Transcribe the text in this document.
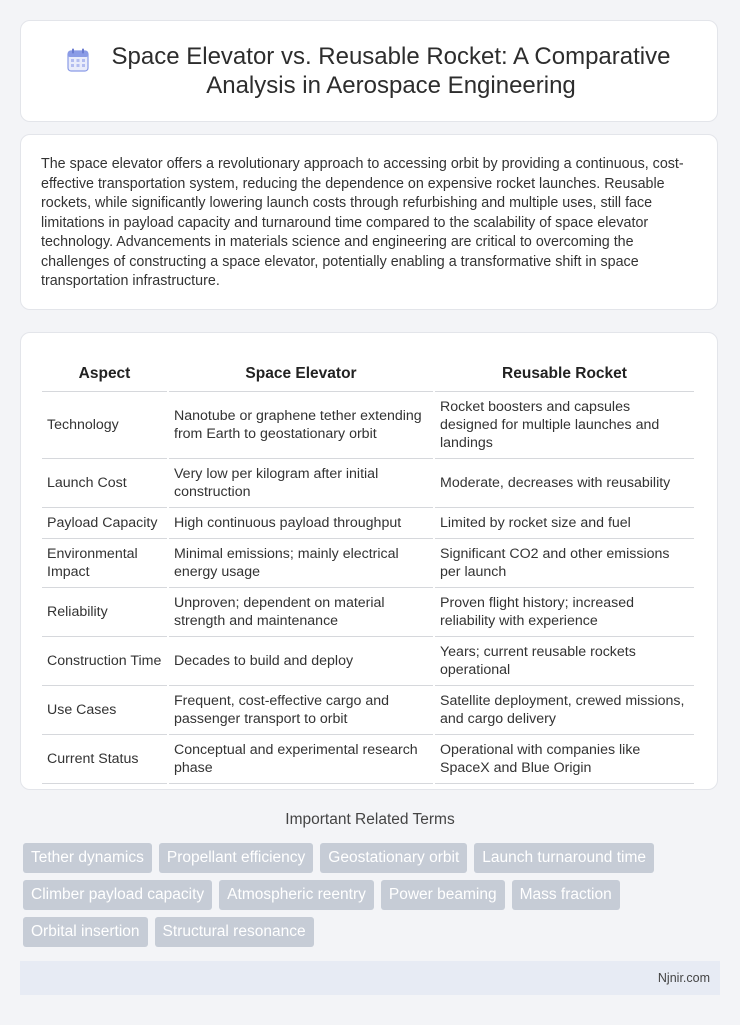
Space Elevator vs. Reusable Rocket: A Comparative Analysis in Aerospace Engineering

The space elevator offers a revolutionary approach to accessing orbit by providing a continuous, cost-effective transportation system, reducing the dependence on expensive rocket launches. Reusable rockets, while significantly lowering launch costs through refurbishing and multiple uses, still face limitations in payload capacity and turnaround time compared to the scalability of space elevator technology. Advancements in materials science and engineering are critical to overcoming the challenges of constructing a space elevator, potentially enabling a transformative shift in space transportation infrastructure.

Aspect	Space Elevator	Reusable Rocket
Technology	Nanotube or graphene tether extending from Earth to geostationary orbit	Rocket boosters and capsules designed for multiple launches and landings
Launch Cost	Very low per kilogram after initial construction	Moderate, decreases with reusability
Payload Capacity	High continuous payload throughput	Limited by rocket size and fuel
Environmental Impact	Minimal emissions; mainly electrical energy usage	Significant CO2 and other emissions per launch
Reliability	Unproven; dependent on material strength and maintenance	Proven flight history; increased reliability with experience
Construction Time	Decades to build and deploy	Years; current reusable rockets operational
Use Cases	Frequent, cost-effective cargo and passenger transport to orbit	Satellite deployment, crewed missions, and cargo delivery
Current Status	Conceptual and experimental research phase	Operational with companies like SpaceX and Blue Origin
Important Related Terms
Tether dynamics	Propellant efficiency	Geostationary orbit	Launch turnaround time
Climber payload capacity	Atmospheric reentry	Power beaming	Mass fraction
Orbital insertion	Structural resonance
Njnir.com
